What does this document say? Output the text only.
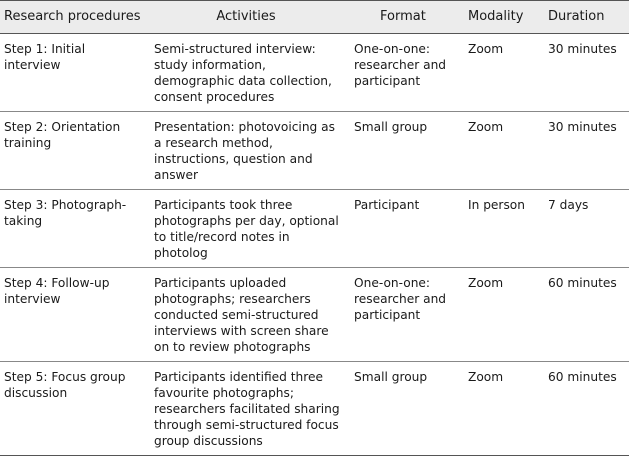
Research procedures	Activities	Format	Modality	Duration
Step 1: Initial interview	Semi-structured interview: study information, demographic data collection, consent procedures	One-on-one: researcher and participant	Zoom	30 minutes
Step 2: Orientation training	Presentation: photovoicing as a research method, instructions, question and answer	Small group	Zoom	30 minutes
Step 3: Photograph-taking	Participants took three photographs per day, optional to title/record notes in photolog	Participant	In person	7 days
Step 4: Follow-up interview	Participants uploaded photographs; researchers conducted semi-structured interviews with screen share on to review photographs	One-on-one: researcher and participant	Zoom	60 minutes
Step 5: Focus group discussion	Participants identified three favourite photographs; researchers facilitated sharing through semi-structured focus group discussions	Small group	Zoom	60 minutes
